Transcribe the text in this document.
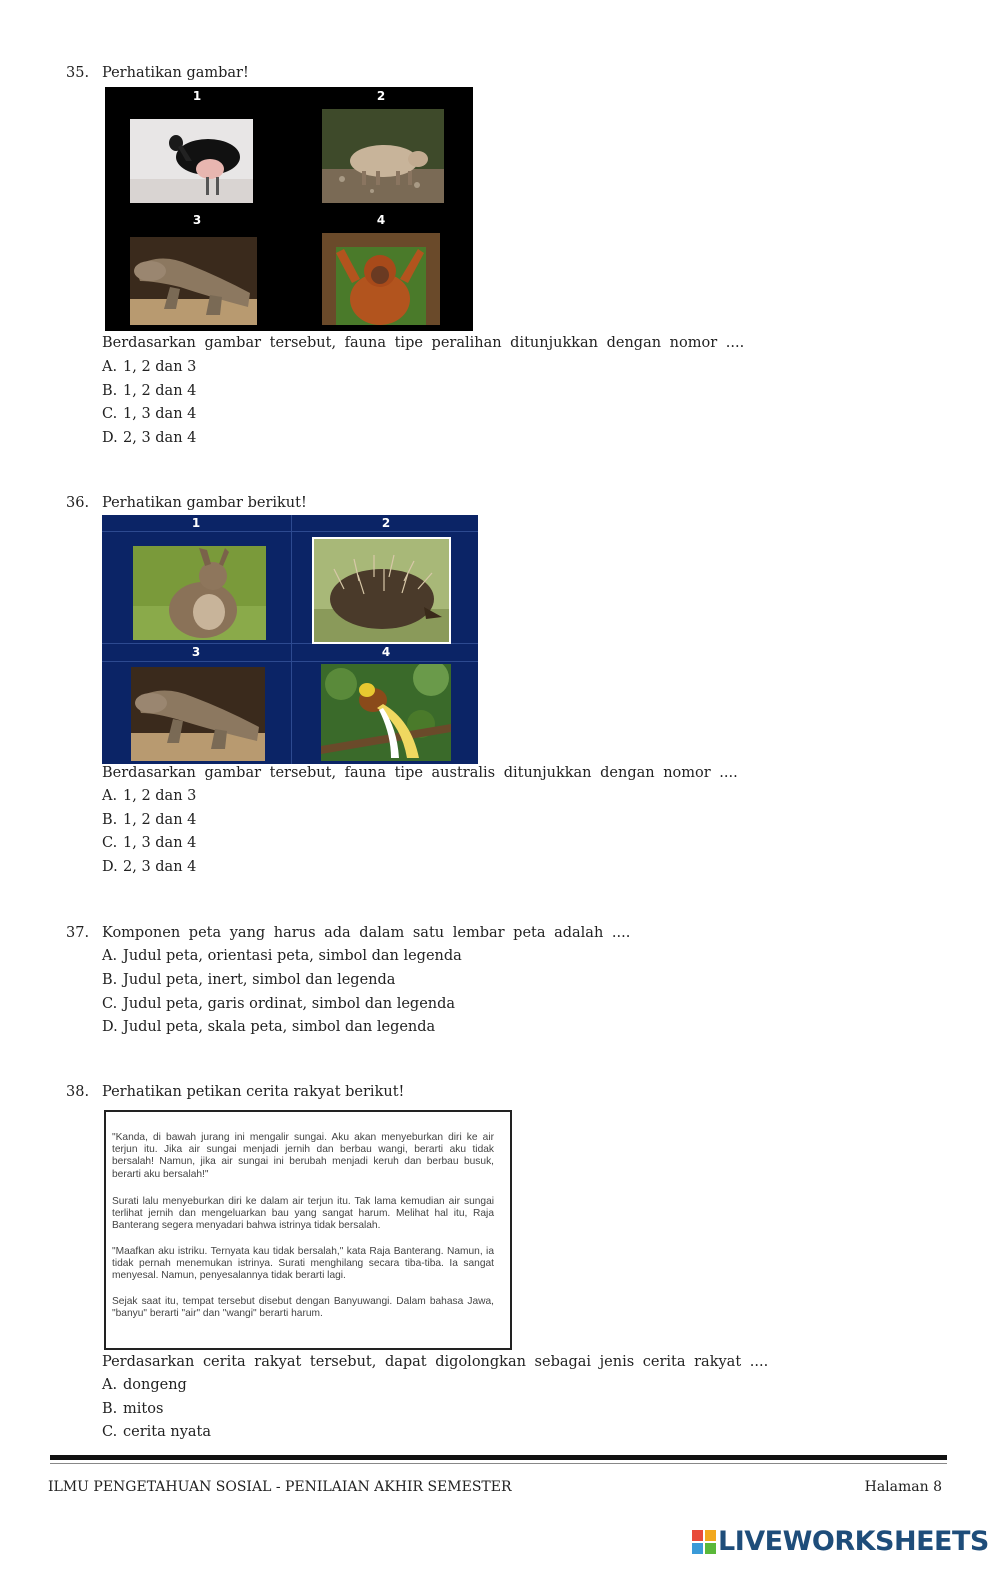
35. Perhatikan gambar!
1	2
3	4
Berdasarkan gambar tersebut, fauna tipe peralihan ditunjukkan dengan nomor ....
A. 1, 2 dan 3
B. 1, 2 dan 4
C. 1, 3 dan 4
D. 2, 3 dan 4
36. Perhatikan gambar berikut!
1	2
3	4
Berdasarkan gambar tersebut, fauna tipe australis ditunjukkan dengan nomor ....
A. 1, 2 dan 3
B. 1, 2 dan 4
C. 1, 3 dan 4
D. 2, 3 dan 4
37. Komponen peta yang harus ada dalam satu lembar peta adalah ....
A. Judul peta, orientasi peta, simbol dan legenda
B. Judul peta, inert, simbol dan legenda
C. Judul peta, garis ordinat, simbol dan legenda
D. Judul peta, skala peta, simbol dan legenda
38. Perhatikan petikan cerita rakyat berikut!

"Kanda, di bawah jurang ini mengalir sungai. Aku akan menyeburkan diri ke air terjun itu. Jika air sungai menjadi jernih dan berbau wangi, berarti aku tidak bersalah! Namun, jika air sungai ini berubah menjadi keruh dan berbau busuk, berarti aku bersalah!"

Surati lalu menyeburkan diri ke dalam air terjun itu. Tak lama kemudian air sungai terlihat jernih dan mengeluarkan bau yang sangat harum. Melihat hal itu, Raja Banterang segera menyadari bahwa istrinya tidak bersalah.

"Maafkan aku istriku. Ternyata kau tidak bersalah," kata Raja Banterang. Namun, ia tidak pernah menemukan istrinya. Surati menghilang secara tiba-tiba. Ia sangat menyesal. Namun, penyesalannya tidak berarti lagi.

Sejak saat itu, tempat tersebut disebut dengan Banyuwangi. Dalam bahasa Jawa, "banyu" berarti "air" dan "wangi" berarti harum.

Perdasarkan cerita rakyat tersebut, dapat digolongkan sebagai jenis cerita rakyat ....
A. dongeng
B. mitos
C. cerita nyata
ILMU PENGETAHUAN SOSIAL - PENILAIAN AKHIR SEMESTER	Halaman 8
LIVEWORKSHEETS
